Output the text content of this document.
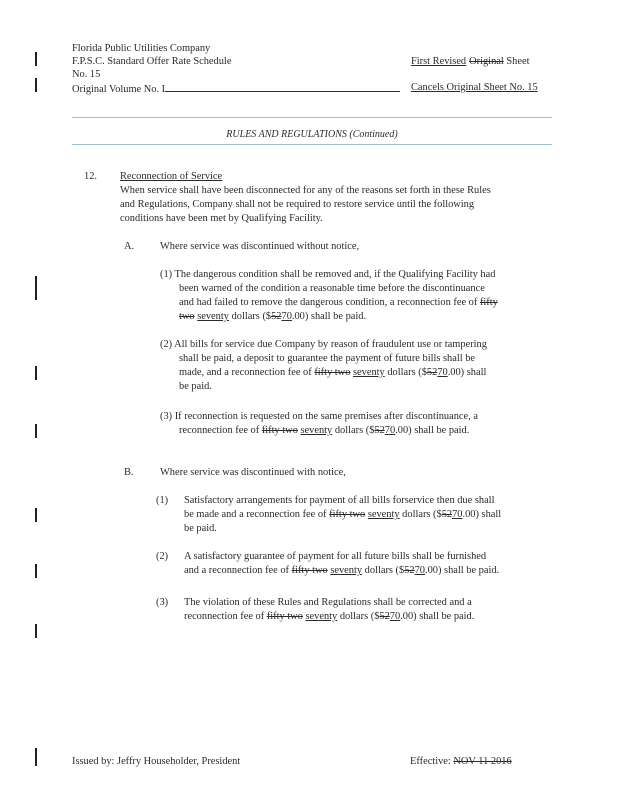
Florida Public Utilities Company
F.P.S.C. Standard Offer Rate Schedule
No. 15
Original Volume No. I
First Revised Original Sheet
Cancels Original Sheet No. 15
RULES AND REGULATIONS (Continued)
12. Reconnection of Service
When service shall have been disconnected for any of the reasons set forth in these Rules
and Regulations, Company shall not be required to restore service until the following
conditions have been met by Qualifying Facility.
A. Where service was discontinued without notice,
(1) The dangerous condition shall be removed and, if the Qualifying Facility had
been warned of the condition a reasonable time before the discontinuance
and had failed to remove the dangerous condition, a reconnection fee of fifty
two seventy dollars ($5270.00) shall be paid.
(2) All bills for service due Company by reason of fraudulent use or tampering
shall be paid, a deposit to guarantee the payment of future bills shall be
made, and a reconnection fee of fifty two seventy dollars ($5270.00) shall
be paid.
(3) If reconnection is requested on the same premises after discontinuance, a
reconnection fee of fifty two seventy dollars ($5270.00) shall be paid.
B.	Where service was discontinued with notice,
(1) Satisfactory arrangements for payment of all bills forservice then due shall
be made and a reconnection fee of fifty two seventy dollars ($5270.00) shall
be paid.
(2) A satisfactory guarantee of payment for all future bills shall be furnished
and a reconnection fee of fifty two seventy dollars ($5270.00) shall be paid.
(3) The violation of these Rules and Regulations shall be corrected and a
reconnection fee of fifty two seventy dollars ($5270.00) shall be paid.
Issued by: Jeffry Householder, President	Effective: NOV 11 2016
